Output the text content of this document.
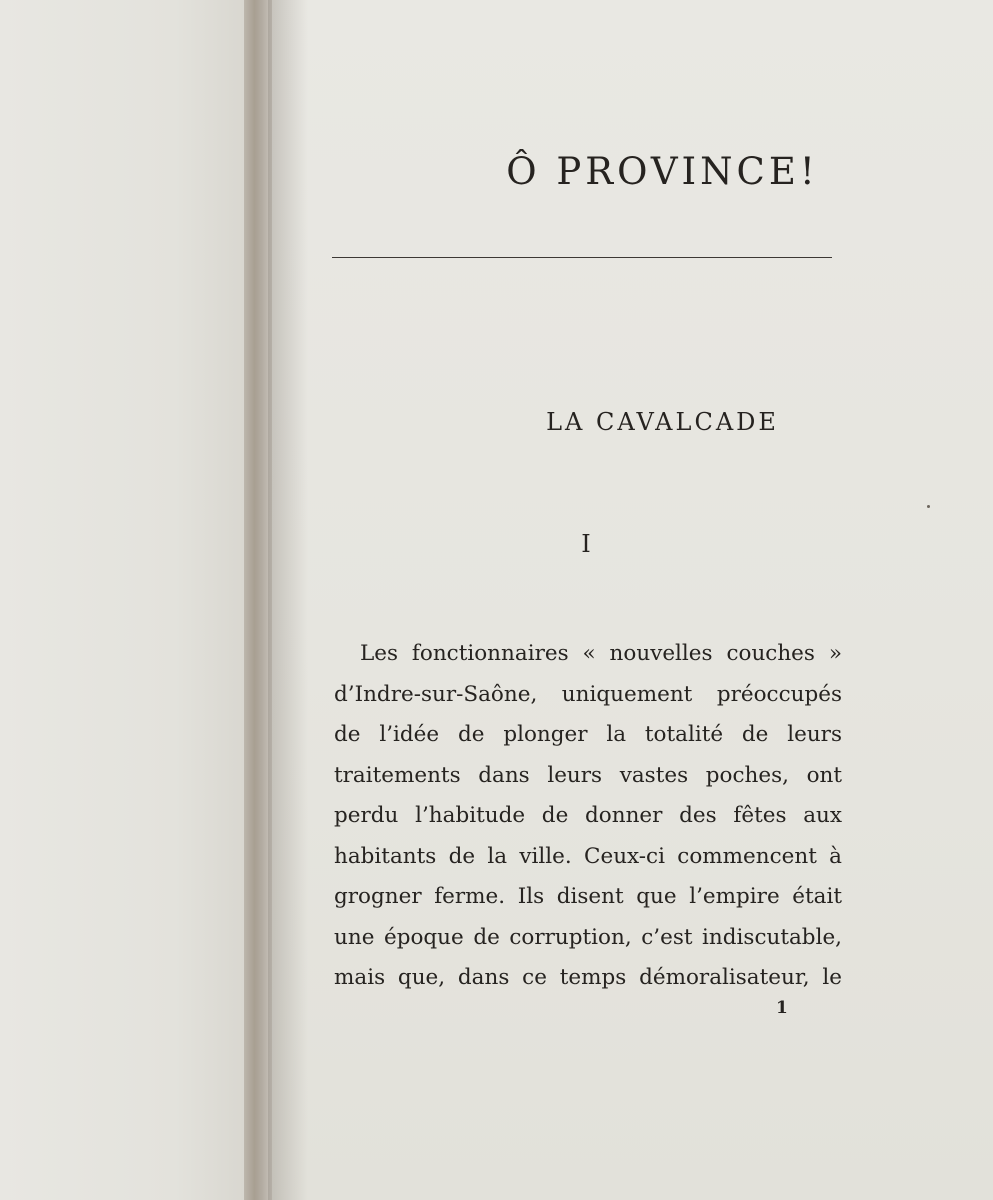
Ô PROVINCE!
LA CAVALCADE
I
Les fonctionnaires « nouvelles couches »
d’Indre-sur-Saône, uniquement préoccupés
de l’idée de plonger la totalité de leurs
traitements dans leurs vastes poches, ont
perdu l’habitude de donner des fêtes aux
habitants de la ville. Ceux-ci commencent à
grogner ferme. Ils disent que l’empire était
une époque de corruption, c’est indiscutable,
mais que, dans ce temps démoralisateur, le
1
